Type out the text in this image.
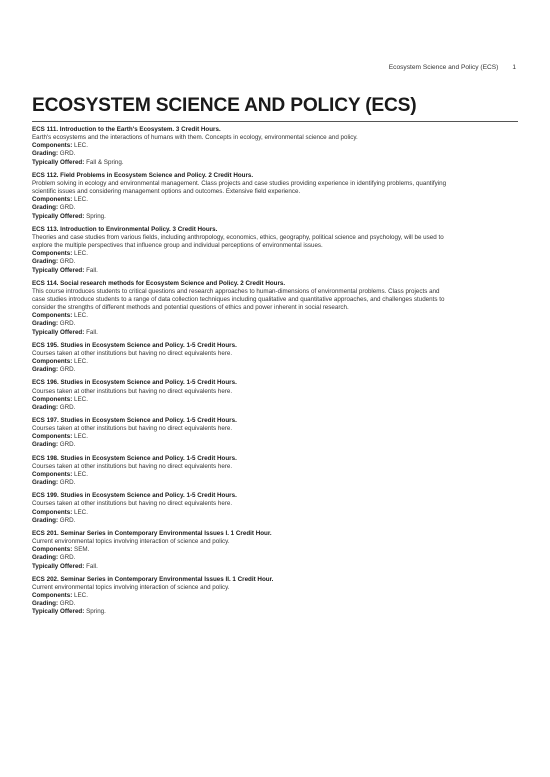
Ecosystem Science and Policy (ECS) 1
ECOSYSTEM SCIENCE AND POLICY (ECS)
ECS 111. Introduction to the Earth's Ecosystem. 3 Credit Hours.
Earth's ecosystems and the interactions of humans with them. Concepts in ecology, environmental science and policy.
Components: LEC.
Grading: GRD.
Typically Offered: Fall & Spring.
ECS 112. Field Problems in Ecosystem Science and Policy. 2 Credit Hours.
Problem solving in ecology and environmental management. Class projects and case studies providing experience in identifying problems, quantifying
scientific issues and considering management options and outcomes. Extensive field experience.
Components: LEC.
Grading: GRD.
Typically Offered: Spring.
ECS 113. Introduction to Environmental Policy. 3 Credit Hours.
Theories and case studies from various fields, including anthropology, economics, ethics, geography, political science and psychology, will be used to
explore the multiple perspectives that influence group and individual perceptions of environmental issues.
Components: LEC.
Grading: GRD.
Typically Offered: Fall.
ECS 114. Social research methods for Ecosystem Science and Policy. 2 Credit Hours.
This course introduces students to critical questions and research approaches to human-dimensions of environmental problems. Class projects and
case studies introduce students to a range of data collection techniques including qualitative and quantitative approaches, and challenges students to
consider the strengths of different methods and potential questions of ethics and power inherent in social research.
Components: LEC.
Grading: GRD.
Typically Offered: Fall.
ECS 195. Studies in Ecosystem Science and Policy. 1-5 Credit Hours.
Courses taken at other institutions but having no direct equivalents here.
Components: LEC.
Grading: GRD.
ECS 196. Studies in Ecosystem Science and Policy. 1-5 Credit Hours.
Courses taken at other institutions but having no direct equivalents here.
Components: LEC.
Grading: GRD.
ECS 197. Studies in Ecosystem Science and Policy. 1-5 Credit Hours.
Courses taken at other institutions but having no direct equivalents here.
Components: LEC.
Grading: GRD.
ECS 198. Studies in Ecosystem Science and Policy. 1-5 Credit Hours.
Courses taken at other institutions but having no direct equivalents here.
Components: LEC.
Grading: GRD.
ECS 199. Studies in Ecosystem Science and Policy. 1-5 Credit Hours.
Courses taken at other institutions but having no direct equivalents here.
Components: LEC.
Grading: GRD.
ECS 201. Seminar Series in Contemporary Environmental Issues I. 1 Credit Hour.
Current environmental topics involving interaction of science and policy.
Components: SEM.
Grading: GRD.
Typically Offered: Fall.
ECS 202. Seminar Series in Contemporary Environmental Issues II. 1 Credit Hour.
Current environmental topics involving interaction of science and policy.
Components: LEC.
Grading: GRD.
Typically Offered: Spring.
